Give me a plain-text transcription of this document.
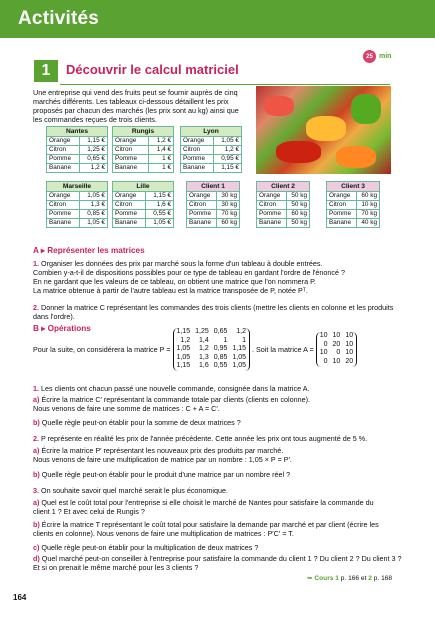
Activités
25 min
1	Découvrir le calcul matriciel
Une entreprise qui vend des fruits peut se fournir auprès de cinq marchés différents. Les tableaux ci-dessous détaillent les prix proposés par chacun des marchés (les prix sont au kg) ainsi que les commandes reçues de trois clients.
Nantes	
Orange	1,15 €
Citron	1,25 €
Pomme	0,65 €
Banane	1,2 €
Rungis	
Orange	1,2 €
Citron	1,4 €
Pomme	1 €
Banane	1 €
Lyon	
Orange	1,05 €
Citron	1,2 €
Pomme	0,95 €
Banane	1,15 €
Marseille	
Orange	1,05 €
Citron	1,3 €
Pomme	0,85 €
Banane	1,05 €
Lille	
Orange	1,15 €
Citron	1,6 €
Pomme	0,55 €
Banane	1,05 €
Client 1	
Orange	30 kg
Citron	30 kg
Pomme	70 kg
Banane	60 kg
Client 2	
Orange	50 kg
Citron	50 kg
Pomme	60 kg
Banane	50 kg
Client 3	
Orange	60 kg
Citron	10 kg
Pomme	70 kg
Banane	40 kg
A ▸ Représenter les matrices
1. Organiser les données des prix par marché sous la forme d'un tableau à double entrées.
Combien y-a-t-il de dispositions possibles pour ce type de tableau en gardant l'ordre de l'énoncé ?
En ne gardant que les valeurs de ce tableau, on obtient une matrice que l'on nommera P.
La matrice obtenue à partir de l'autre tableau est la matrice transposée de P, notée Pᵀ.
2. Donner la matrice C représentant les commandes des trois clients (mettre les clients en colonne et les produits dans l'ordre).
B ▸ Opérations
Pour la suite, on considérera la matrice P =
1,15 1,25 0,65	1,2
1,2	1,4	1	1
1,05	1,2 0,95 1,15
1,05	1,3 0,85 1,05
1,15	1,6 0,55 1,05
. Soit la matrice A =
10 10 10
0 20 10
10	0 10
0 10 20
1. Les clients ont chacun passé une nouvelle commande, consignée dans la matrice A.
a) Écrire la matrice C′ représentant la commande totale par clients (clients en colonne).
Nous venons de faire une somme de matrices : C + A = C′.
b) Quelle règle peut-on établir pour la somme de deux matrices ?
2. P représente en réalité les prix de l'année précédente. Cette année les prix ont tous augmenté de 5 %.
a) Écrire la matrice P′ représentant les nouveaux prix des produits par marché.
Nous venons de faire une multiplication de matrice par un nombre : 1,05 × P = P′.
b) Quelle règle peut-on établir pour le produit d'une matrice par un nombre réel ?
3. On souhaite savoir quel marché serait le plus économique.
a) Quel est le coût total pour l'entreprise si elle choisit le marché de Nantes pour satisfaire la commande du
client 1 ? Et avec celui de Rungis ?
b) Écrire la matrice T représentant le coût total pour satisfaire la demande par marché et par client (écrire les
clients en colonne). Nous venons de faire une multiplication de matrices : P′C′ = T.
c) Quelle règle peut-on établir pour la multiplication de deux matrices ?
d) Quel marché peut-on conseiller à l'entreprise pour satisfaire la commande du client 1 ? Du client 2 ? Du client 3 ?
Et si on prenait le même marché pour les 3 clients ?
➥ Cours 1 p. 166 et 2 p. 168
164
